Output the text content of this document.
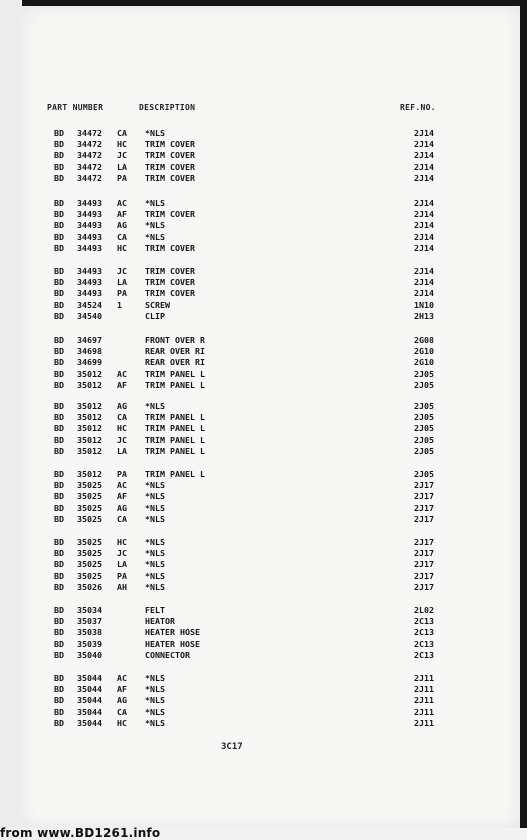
PART NUMBER	DESCRIPTION	REF.NO.
BD 34472 CA *NLS	2J14
BD 34472 HC TRIM COVER	2J14
BD 34472 JC TRIM COVER	2J14
BD 34472 LA TRIM COVER	2J14
BD 34472 PA TRIM COVER	2J14
BD 34493 AC *NLS	2J14
BD 34493 AF TRIM COVER	2J14
BD 34493 AG *NLS	2J14
BD 34493 CA *NLS	2J14
BD 34493 HC TRIM COVER	2J14
BD 34493 JC TRIM COVER	2J14
BD 34493 LA TRIM COVER	2J14
BD 34493 PA TRIM COVER	2J14
BD 34524 1	SCREW	1N10
BD 34540	CLIP	2H13
BD 34697	FRONT OVER R	2G08
BD 34698	REAR OVER RI	2G10
BD 34699	REAR OVER RI	2G10
BD 35012 AC TRIM PANEL L	2J05
BD 35012 AF TRIM PANEL L	2J05
BD 35012 AG *NLS	2J05
BD 35012 CA TRIM PANEL L	2J05
BD 35012 HC TRIM PANEL L	2J05
BD 35012 JC TRIM PANEL L	2J05
BD 35012 LA TRIM PANEL L	2J05
BD 35012 PA TRIM PANEL L	2J05
BD 35025 AC *NLS	2J17
BD 35025 AF *NLS	2J17
BD 35025 AG *NLS	2J17
BD 35025 CA *NLS	2J17
BD 35025 HC *NLS	2J17
BD 35025 JC *NLS	2J17
BD 35025 LA *NLS	2J17
BD 35025 PA *NLS	2J17
BD 35026 AH *NLS	2J17
BD 35034	FELT	2L02
BD 35037	HEATOR	2C13
BD 35038	HEATER HOSE	2C13
BD 35039	HEATER HOSE	2C13
BD 35040	CONNECTOR	2C13
BD 35044 AC *NLS	2J11
BD 35044 AF *NLS	2J11
BD 35044 AG *NLS	2J11
BD 35044 CA *NLS	2J11
BD 35044 HC *NLS	2J11
3C17
from www.BD1261.info
